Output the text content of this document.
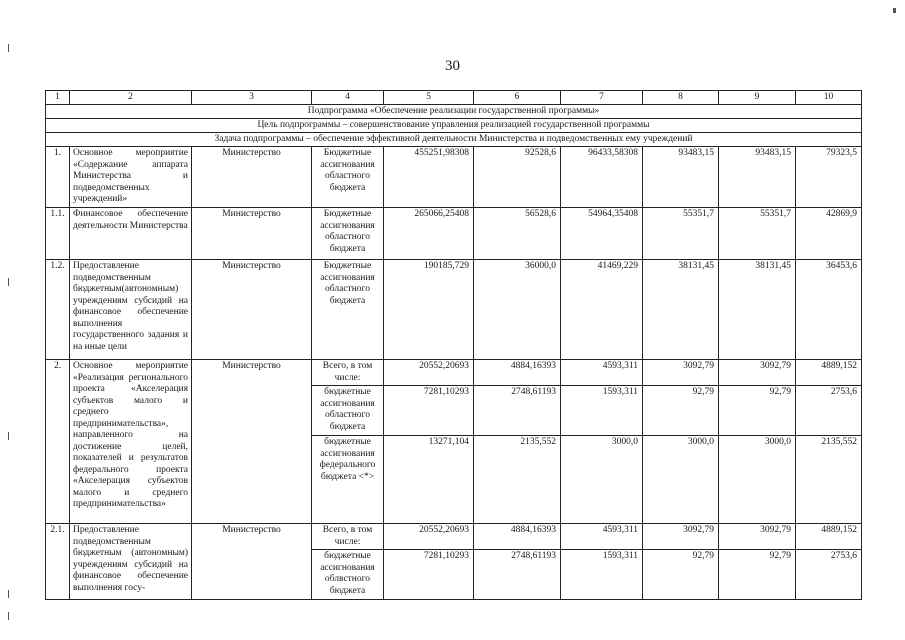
30
1	2	3	4	5	6	7	8	9	10
Подпрограмма «Обеспечение реализации государственной программы»									
Цель подпрограммы – совершенствование управления реализацией государственной программы									
Задача подпрограммы – обеспечение эффективной деятельности Министерства и подведомственных ему учреждений									
1.	Основное мероприятие «Содержание аппарата Министерства и подведомственных учреждений»	Министерство	Бюджетные ассигнования областного бюджета	455251,98308	92528,6	96433,58308	93483,15	93483,15	79323,5
1.1.	Финансовое обеспечение деятельности Министерства	Министерство	Бюджетные ассигнования областного бюджета	265066,25408	56528,6	54964,35408	55351,7	55351,7	42869,9
1.2.	Предоставление подведомственным бюджетным(автономным) учреждениям субсидий на финансовое обеспечение выполнения государственного задания и на иные цели	Министерство	Бюджетные ассигнования областного бюджета	190185,729	36000,0	41469,229	38131,45	38131,45	36453,6
2.	Основное мероприятие «Реализация регионального проекта «Акселерация субъектов малого и среднего предпринимательства», направленного на достижение целей, показателей и результатов федерального проекта «Акселерация субъектов малого и среднего предпринимательства»	Министерство	Всего, в том числе:	20552,20693	4884,16393	4593,311	3092,79	3092,79	4889,152
			бюджетные ассигнования областного бюджета	7281,10293	2748,61193	1593,311	92,79	92,79	2753,6
			бюджетные ассигнования федерального бюджета <*>	13271,104	2135,552	3000,0	3000,0	3000,0	2135,552
2.1.	Предоставление подведомственным бюджетным (автономным) учреждениям субсидий на финансовое обеспечение выполнения госу-	Министерство	Всего, в том числе:	20552,20693	4884,16393	4593,311	3092,79	3092,79	4889,152
			бюджетные ассигнования облвстного бюджета	7281,10293	2748,61193	1593,311	92,79	92,79	2753,6
